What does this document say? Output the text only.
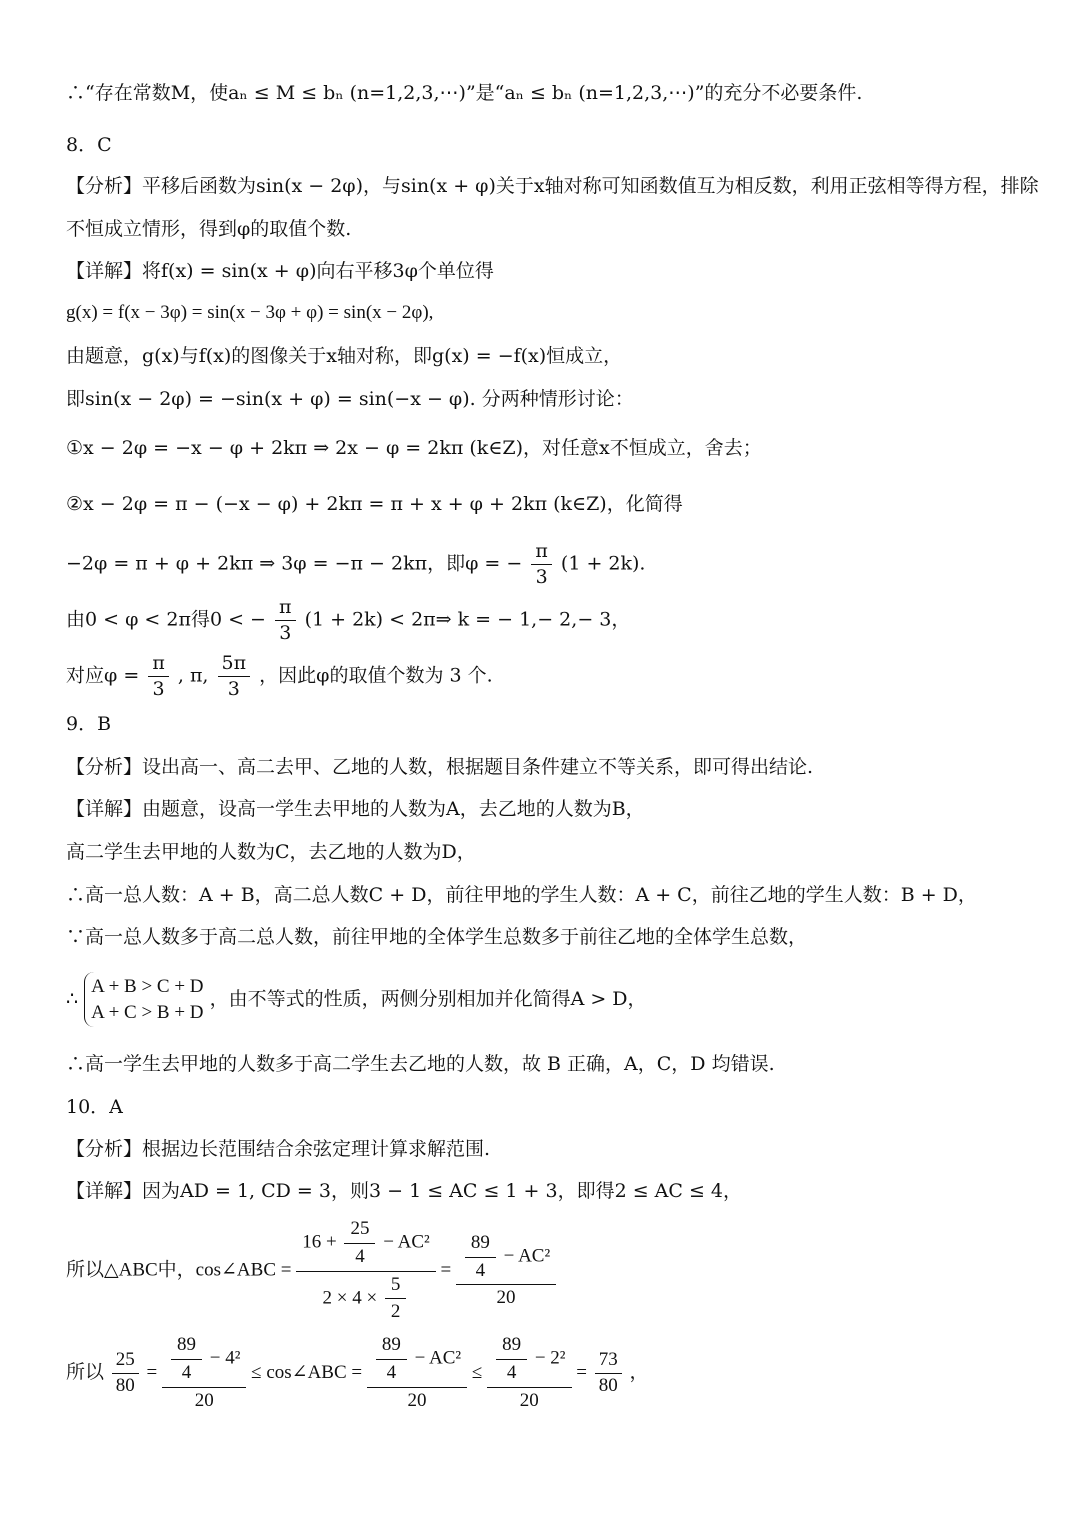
∴“存在常数M，使aₙ ≤ M ≤ bₙ (n=1,2,3,⋯)”是“aₙ ≤ bₙ (n=1,2,3,⋯)”的充分不必要条件.
8．C
【分析】平移后函数为sin(x − 2φ)，与sin(x + φ)关于x轴对称可知函数值互为相反数，利用正弦相等得方程，排除
不恒成立情形，得到φ的取值个数.
【详解】将f(x) = sin(x + φ)向右平移3φ个单位得
g(x) = f(x − 3φ) = sin(x − 3φ + φ) = sin(x − 2φ),
由题意，g(x)与f(x)的图像关于x轴对称，即g(x) = −f(x)恒成立，
即sin(x − 2φ) = −sin(x + φ) = sin(−x − φ). 分两种情形讨论：
①x − 2φ = −x − φ + 2kπ ⇒ 2x − φ = 2kπ (k∈Z)，对任意x不恒成立，舍去；
②x − 2φ = π − (−x − φ) + 2kπ = π + x + φ + 2kπ (k∈Z)，化简得
−2φ = π + φ + 2kπ ⇒ 3φ = −π − 2kπ，即φ = − $\frac{\pi}{3} (1 + 2k)$.
由0 < φ < 2π得0 < − $\frac{\pi}{3} (1 + 2k)$ < 2π⇒ k = − 1,− 2,− 3，
对应$\varphi = \frac{\pi}{3}$ , π, $\frac{5\pi}{3}$ ，因此φ的取值个数为 3 个.
9．B
【分析】设出高一、高二去甲、乙地的人数，根据题目条件建立不等关系，即可得出结论.
【详解】由题意，设高一学生去甲地的人数为A，去乙地的人数为B，
高二学生去甲地的人数为C，去乙地的人数为D，
∴高一总人数：A + B，高二总人数C + D，前往甲地的学生人数：A + C，前往乙地的学生人数：B + D，
∵高一总人数多于高二总人数，前往甲地的全体学生总数多于前往乙地的全体学生总数，
∴
A + B > C + D
A + C > B + D
，由不等式的性质，两侧分别相加并化简得A > D，
∴高一学生去甲地的人数多于高二学生去乙地的人数，故 B 正确，A，C，D 均错误.
10．A
【分析】根据边长范围结合余弦定理计算求解范围.
【详解】因为AD = 1, CD = 3，则3 − 1 ≤ AC ≤ 1 + 3，即得2 ≤ AC ≤ 4，
所以△ABC中，cos∠ABC =
$16 + \frac{25}{4} - AC^2$
$2 \times 4 \times \frac{5}{2}$
= $\frac{\frac{89}{4} - AC^2}{20}$
所以 $\frac{25}{80} = \frac{\frac{89}{4} - 4^2}{20}$ ≤ cos∠ABC = $\frac{\frac{89}{4} - AC^2}{20} \le \frac{\frac{89}{4} - 2^2}{20} = \frac{73}{80}$ ，
